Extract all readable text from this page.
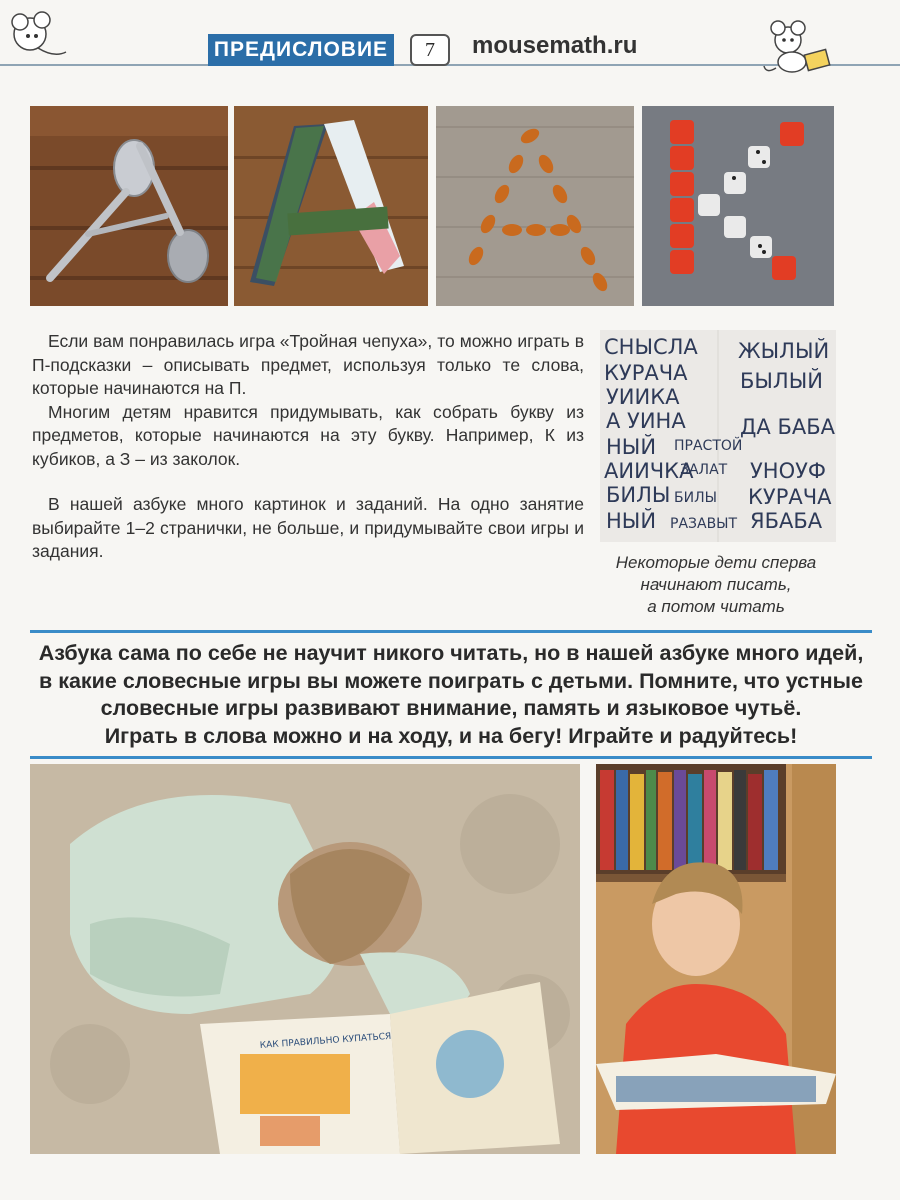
ПРЕДИСЛОВИЕ	7	mousemath.ru

Если вам понравилась игра «Тройная чепуха», то можно играть в П-подсказки – описывать предмет, используя только те слова, которые начинаются на П.

Многим детям нравится придумывать, как собрать букву из предметов, которые начинаются на эту букву. Например, К из кубиков, а З – из заколок.

В нашей азбуке много картинок и заданий. На одно занятие выбирайте 1–2 странички, не больше, и придумывайте свои игры и задания.

СНЫСЛА
КУРАЧА
УИИКА
А УИНА
НЫЙ
АИИЧКА
БИЛЫ
НЫЙ
ЖЫЛЫЙ
БЫЛЫЙ
ДА БАБА
УНОУФ
КУРАЧА
ЯБАБА
ПРАСТОЙ
ЗАЛАТ
БИЛЫ
РАЗАВЫТ
Некоторые дети сперва
начинают писать,
а потом читать
Азбука сама по себе не научит никого читать, но в нашей азбуке много идей,
в какие словесные игры вы можете поиграть с детьми. Помните, что устные
словесные игры развивают внимание, память и языковое чутьё.
Играть в слова можно и на ходу, и на бегу! Играйте и радуйтесь!
КАК ПРАВИЛЬНО КУПАТЬСЯ
